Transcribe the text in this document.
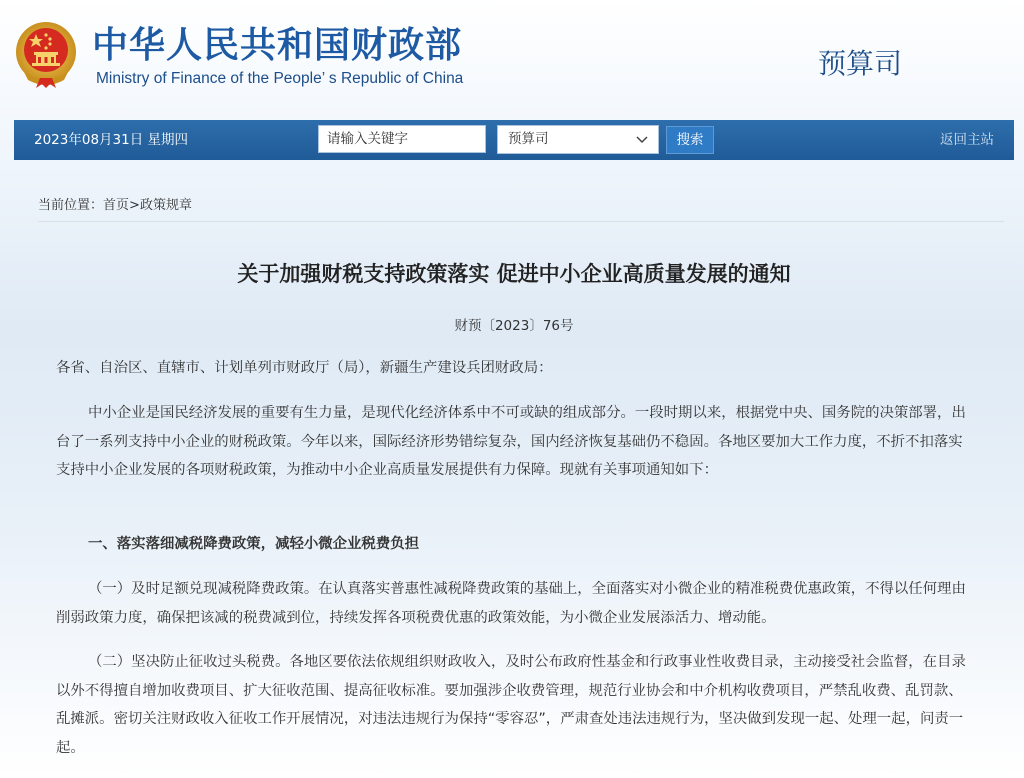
中华人民共和国财政部
Ministry of Finance of the People’ s Republic of China	预算司
2023年08月31日 星期四
请输入关键字	预算司	搜索	返回主站
当前位置：首页>政策规章
关于加强财税支持政策落实 促进中小企业高质量发展的通知
财预〔2023〕76号
各省、自治区、直辖市、计划单列市财政厅（局），新疆生产建设兵团财政局：
中小企业是国民经济发展的重要有生力量，是现代化经济体系中不可或缺的组成部分。一段时期以来，根据党中央、国务院的决策部署，出台了一系列支持中小企业的财税政策。今年以来，国际经济形势错综复杂，国内经济恢复基础仍不稳固。各地区要加大工作力度，不折不扣落实支持中小企业发展的各项财税政策，为推动中小企业高质量发展提供有力保障。现就有关事项通知如下：
一、落实落细减税降费政策，减轻小微企业税费负担
（一）及时足额兑现减税降费政策。在认真落实普惠性减税降费政策的基础上，全面落实对小微企业的精准税费优惠政策，不得以任何理由削弱政策力度，确保把该减的税费减到位，持续发挥各项税费优惠的政策效能，为小微企业发展添活力、增动能。
（二）坚决防止征收过头税费。各地区要依法依规组织财政收入，及时公布政府性基金和行政事业性收费目录，主动接受社会监督，在目录以外不得擅自增加收费项目、扩大征收范围、提高征收标准。要加强涉企收费管理，规范行业协会和中介机构收费项目，严禁乱收费、乱罚款、乱摊派。密切关注财政收入征收工作开展情况，对违法违规行为保持“零容忍”，严肃查处违法违规行为，坚决做到发现一起、处理一起，问责一起。
